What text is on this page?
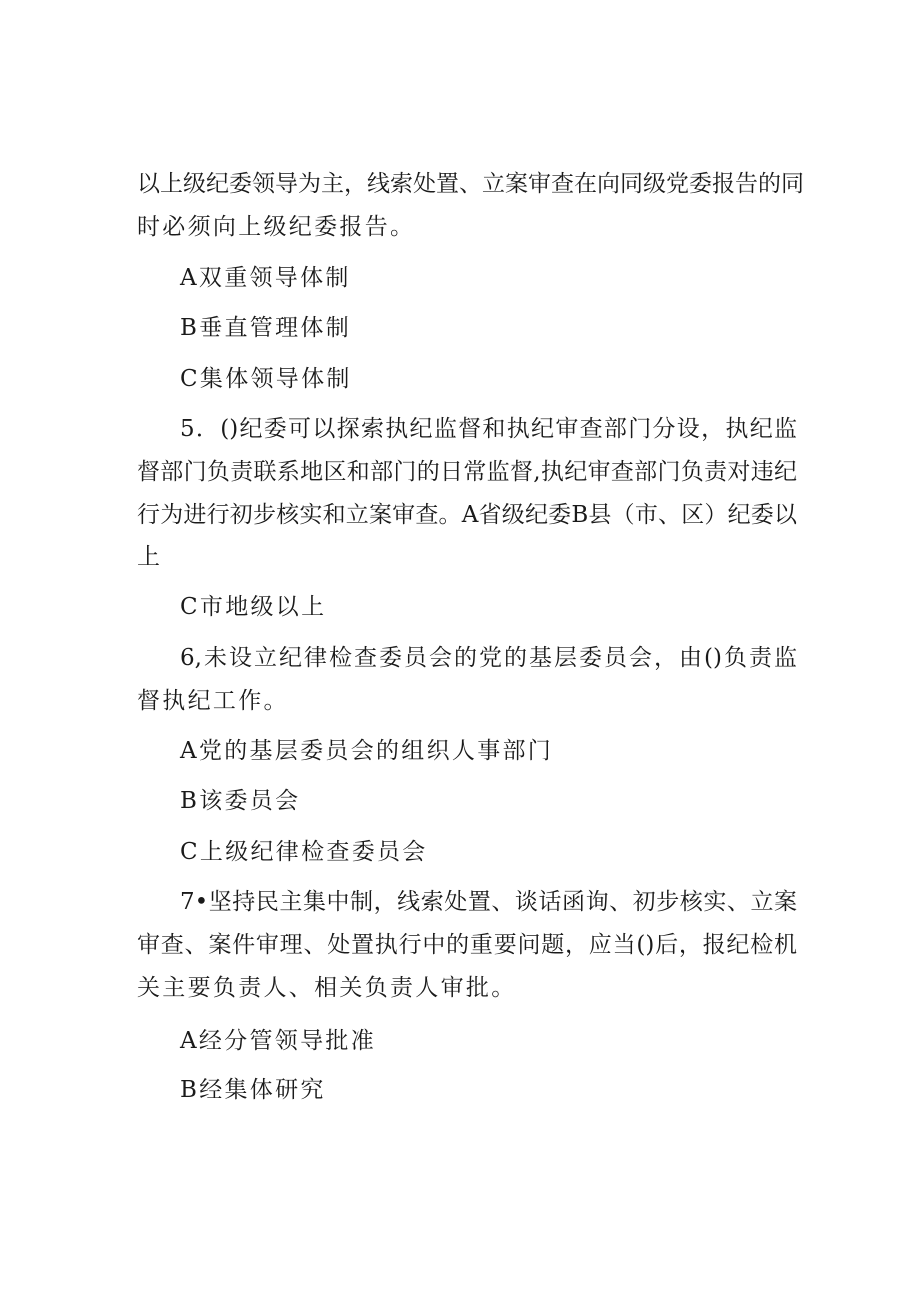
以上级纪委领导为主，线索处置、立案审查在向同级党委报告的同
时必须向上级纪委报告。
A双重领导体制
B垂直管理体制
C集体领导体制
5．()纪委可以探索执纪监督和执纪审查部门分设，执纪监
督部门负责联系地区和部门的日常监督,执纪审查部门负责对违纪
行为进行初步核实和立案审查。A省级纪委B县（市、区）纪委以
上
C市地级以上
6,未设立纪律检查委员会的党的基层委员会，由()负责监
督执纪工作。
A党的基层委员会的组织人事部门
B该委员会
C上级纪律检查委员会
7•坚持民主集中制，线索处置、谈话函询、初步核实、立案
审查、案件审理、处置执行中的重要问题，应当()后，报纪检机
关主要负责人、相关负责人审批。
A经分管领导批准
B经集体研究
